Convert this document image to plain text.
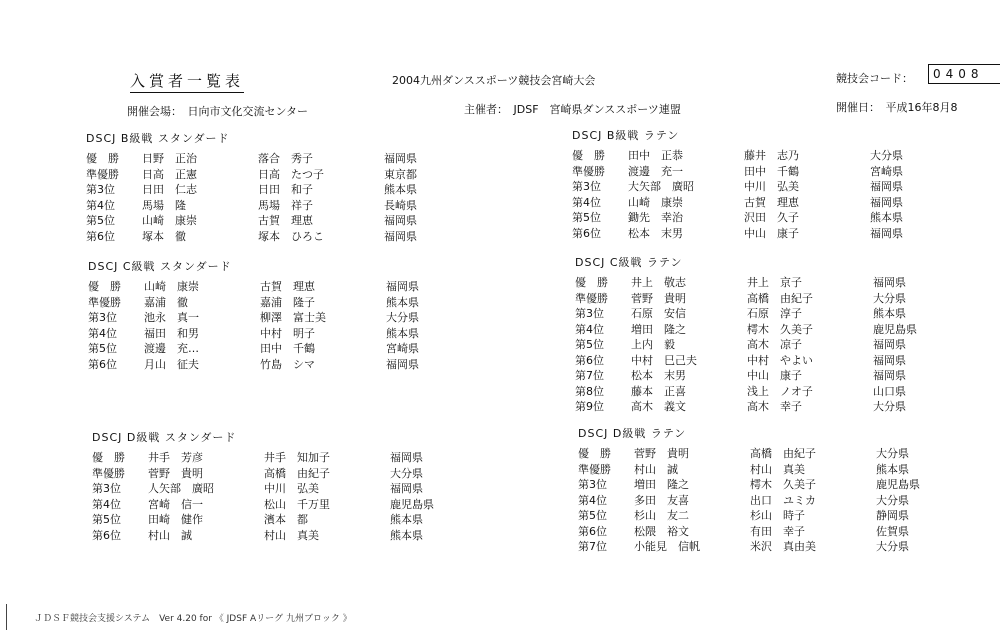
入賞者一覧表	2004九州ダンススポーツ競技会宮崎大会	競技会コード：	0408
開催会場：　日向市文化交流センター	主催者：　JDSF　宮崎県ダンススポーツ連盟	開催日：　平成16年8月8
DSCJ B級戦 スタンダード
優　勝	日野　正治	落合　秀子	福岡県
準優勝	日高　正憲	日高　たつ子	東京都
第3位	日田　仁志	日田　和子	熊本県
第4位	馬場　隆	馬場　祥子	長崎県
第5位	山崎　康崇	古賀　理恵	福岡県
第6位	塚本　徹	塚本　ひろこ	福岡県
DSCJ C級戦 スタンダード
優　勝	山崎　康崇	古賀　理恵	福岡県
準優勝	嘉浦　徹	嘉浦　隆子	熊本県
第3位	池永　真一	柳澤　富士美	大分県
第4位	福田　和男	中村　明子	熊本県
第5位	渡邊　充…	田中　千鶴	宮崎県
第6位	月山　征夫	竹島　シマ	福岡県
DSCJ D級戦 スタンダード
優　勝	井手　芳彦	井手　知加子	福岡県
準優勝	菅野　貴明	高橋　由紀子	大分県
第3位	人矢部　廣昭	中川　弘美	福岡県
第4位	宮崎　信一	松山　千万里	鹿児島県
第5位	田崎　健作	濱本　都	熊本県
第6位	村山　誠	村山　真美	熊本県
DSCJ B級戦 ラテン
優　勝	田中　正恭	藤井　志乃	大分県
準優勝	渡邊　充一	田中　千鶴	宮崎県
第3位	大矢部　廣昭	中川　弘美	福岡県
第4位	山崎　康崇	古賀　理恵	福岡県
第5位	鋤先　幸治	沢田　久子	熊本県
第6位	松本　末男	中山　康子	福岡県
DSCJ C級戦 ラテン
優　勝	井上　敬志	井上　京子	福岡県
準優勝	菅野　貴明	高橋　由紀子	大分県
第3位	石原　安信	石原　淳子	熊本県
第4位	増田　隆之	樗木　久美子	鹿児島県
第5位	上内　毅	高木　凉子	福岡県
第6位	中村　巳己夫	中村　やよい	福岡県
第7位	松本　末男	中山　康子	福岡県
第8位	藤本　正喜	浅上　ノオ子	山口県
第9位	高木　義文	高木　幸子	大分県
DSCJ D級戦 ラテン
優　勝	菅野　貴明	高橋　由紀子	大分県
準優勝	村山　誠	村山　真美	熊本県
第3位	増田　隆之	樗木　久美子	鹿児島県
第4位	多田　友喜	出口　ユミカ	大分県
第5位	杉山　友二	杉山　時子	静岡県
第6位	松隈　裕文	有田　幸子	佐賀県
第7位	小能見　信帆	米沢　真由美	大分県
ＪＤＳＦ競技会支援システム　Ver 4.20 for 《 JDSF Aリーグ 九州ブロック 》
